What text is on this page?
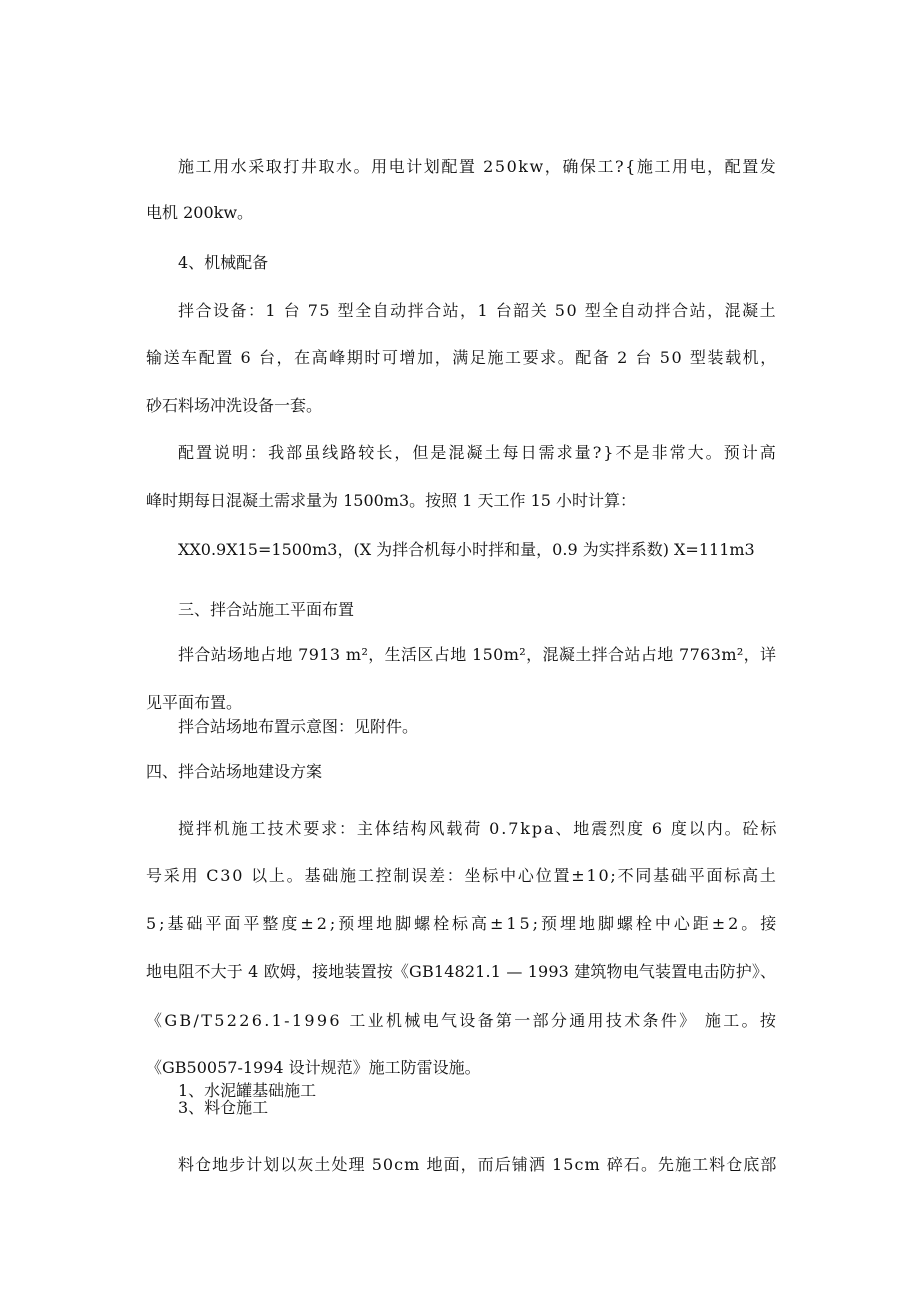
施工用水采取打井取水。用电计划配置 250kw，确保工?{施工用电，配置发
电机 200kw。
4、机械配备
拌合设备：1 台 75 型全自动拌合站，1 台韶关 50 型全自动拌合站，混凝土
输送车配置 6 台，在高峰期时可增加，满足施工要求。配备 2 台 50 型装载机，
砂石料场冲洗设备一套。
配置说明：我部虽线路较长，但是混凝土每日需求量?}不是非常大。预计高
峰时期每日混凝土需求量为 1500m3。按照 1 天工作 15 小时计算：
XX0.9X15=1500m3，(X 为拌合机每小时拌和量，0.9 为实拌系数) X=111m3
三、拌合站施工平面布置
拌合站场地占地 7913 m²，生活区占地 150m²，混凝土拌合站占地 7763m²，详
见平面布置。
拌合站场地布置示意图：见附件。
四、拌合站场地建设方案
搅拌机施工技术要求：主体结构风载荷 0.7kpa、地震烈度 6 度以内。砼标
号采用 C30 以上。基础施工控制误差：坐标中心位置±10;不同基础平面标高土
5;基础平面平整度±2;预埋地脚螺栓标高±15;预埋地脚螺栓中心距±2。接
地电阻不大于 4 欧姆，接地装置按《GB14821.1 — 1993 建筑物电气装置电击防护》、
《GB/T5226.1-1996 工业机械电气设备第一部分通用技术条件》 施工。按
《GB50057-1994 设计规范》施工防雷设施。
1、水泥罐基础施工
3、料仓施工
料仓地步计划以灰土处理 50cm 地面，而后铺洒 15cm 碎石。先施工料仓底部
